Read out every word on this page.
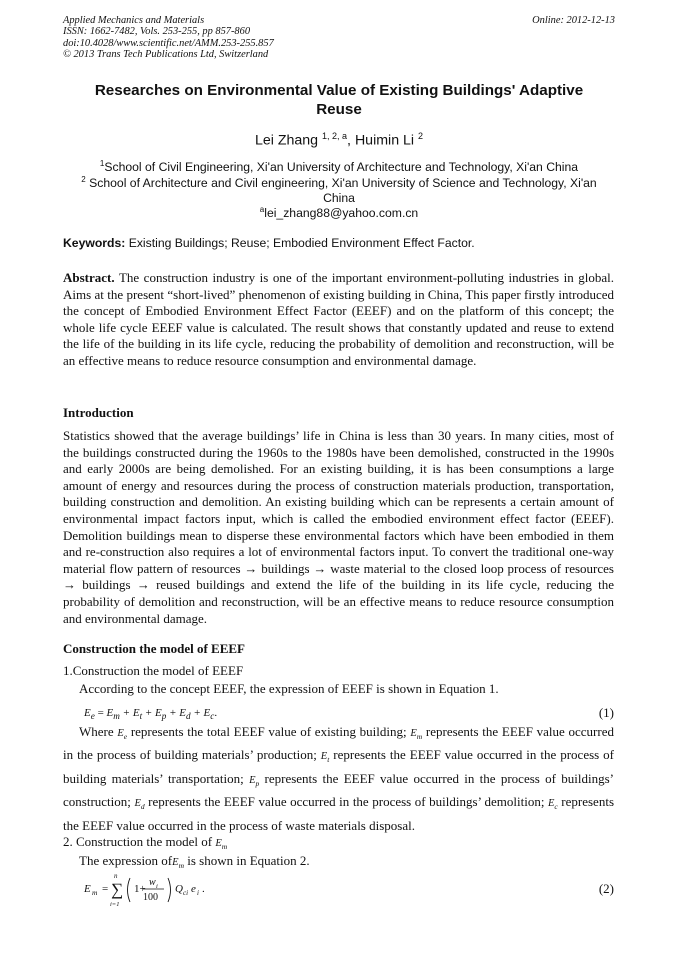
Applied Mechanics and Materials
ISSN: 1662-7482, Vols. 253-255, pp 857-860
doi:10.4028/www.scientific.net/AMM.253-255.857
© 2013 Trans Tech Publications Ltd, Switzerland
Online: 2012-12-13
Researches on Environmental Value of Existing Buildings' Adaptive
Reuse
Lei Zhang $^{1, 2, a}$, Huimin Li $^2$
$^1$School of Civil Engineering, Xi'an University of Architecture and Technology, Xi'an China
$^2$ School of Architecture and Civil engineering, Xi'an University of Science and Technology, Xi'an
China
$^a$lei_zhang88@yahoo.com.cn
Keywords: Existing Buildings; Reuse; Embodied Environment Effect Factor.
Abstract. The construction industry is one of the important environment-polluting industries in global. Aims at the present “short-lived” phenomenon of existing building in China, This paper firstly introduced the concept of Embodied Environment Effect Factor (EEEF) and on the platform of this concept; the whole life cycle EEEF value is calculated. The result shows that constantly updated and reuse to extend the life of the building in its life cycle, reducing the probability of demolition and reconstruction, will be an effective means to reduce resource consumption and environmental damage.
Introduction
Statistics showed that the average buildings’ life in China is less than 30 years. In many cities, most of the buildings constructed during the 1960s to the 1980s have been demolished, constructed in the 1990s and early 2000s are being demolished. For an existing building, it is has been consumptions a large amount of energy and resources during the process of construction materials production, transportation, building construction and demolition. An existing building which can be represents a certain amount of environmental impact factors input, which is called the embodied environment effect factor (EEEF). Demolition buildings mean to disperse these environmental factors which have been embodied in them and re-construction also requires a lot of environmental factors input. To convert the traditional one-way material flow pattern of resources → buildings → waste material to the closed loop process of resources → buildings → reused buildings and extend the life of the building in its life cycle, reducing the probability of demolition and reconstruction, will be an effective means to reduce resource consumption and environmental damage.
Construction the model of EEEF
1.Construction the model of EEEF
According to the concept EEEF, the expression of EEEF is shown in Equation 1.
$E_e = E_m + E_t + E_p + E_d + E_c$.	(1)
Where $E_e$ represents the total EEEF value of existing building; $E_m$ represents the EEEF value occurred in the process of building materials’ production; $E_t$ represents the EEEF value occurred in the process of building materials’ transportation; $E_p$ represents the EEEF value occurred in the process of buildings’ construction; $E_d$ represents the EEEF value occurred in the process of buildings’ demolition; $E_c$ represents the EEEF value occurred in the process of waste materials disposal.
2. Construction the model of $E_m$
The expression ofE$_m$ is shown in Equation 2.
E m =
n
∑
i=1
1+
w i
100
Q ci e i .	(2)
